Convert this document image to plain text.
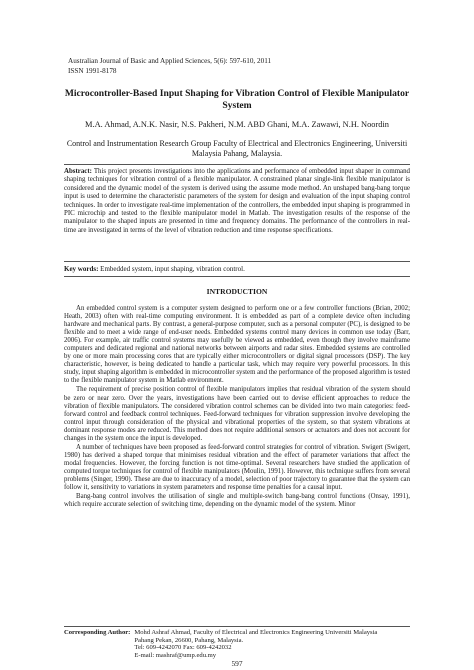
Australian Journal of Basic and Applied Sciences, 5(6): 597-610, 2011
ISSN 1991-8178
Microcontroller-Based Input Shaping for Vibration Control of Flexible Manipulator System
M.A. Ahmad, A.N.K. Nasir, N.S. Pakheri, N.M. ABD Ghani, M.A. Zawawi, N.H. Noordin
Control and Instrumentation Research Group Faculty of Electrical and Electronics Engineering, Universiti Malaysia Pahang, Malaysia.
Abstract: This project presents investigations into the applications and performance of embedded input shaper in command shaping techniques for vibration control of a flexible manipulator. A constrained planar single-link flexible manipulator is considered and the dynamic model of the system is derived using the assume mode method. An unshaped bang-bang torque input is used to determine the characteristic parameters of the system for design and evaluation of the input shaping control techniques. In order to investigate real-time implementation of the controllers, the embedded input shaping is programmed in PIC microchip and tested to the flexible manipulator model in Matlab. The investigation results of the response of the manipulator to the shaped inputs are presented in time and frequency domains. The performance of the controllers in real-time are investigated in terms of the level of vibration reduction and time response specifications.
Key words: Embedded system, input shaping, vibration control.
INTRODUCTION

An embedded control system is a computer system designed to perform one or a few controller functions (Brian, 2002; Heath, 2003) often with real-time computing environment. It is embedded as part of a complete device often including hardware and mechanical parts. By contrast, a general-purpose computer, such as a personal computer (PC), is designed to be flexible and to meet a wide range of end-user needs. Embedded systems control many devices in common use today (Barr, 2006). For example, air traffic control systems may usefully be viewed as embedded, even though they involve mainframe computers and dedicated regional and national networks between airports and radar sites. Embedded systems are controlled by one or more main processing cores that are typically either microcontrollers or digital signal processors (DSP). The key characteristic, however, is being dedicated to handle a particular task, which may require very powerful processors. In this study, input shaping algorithm is embedded in microcontroller system and the performance of the proposed algorithm is tested to the flexible manipulator system in Matlab environment.

The requirement of precise position control of flexible manipulators implies that residual vibration of the system should be zero or near zero. Over the years, investigations have been carried out to devise efficient approaches to reduce the vibration of flexible manipulators. The considered vibration control schemes can be divided into two main categories: feed-forward control and feedback control techniques. Feed-forward techniques for vibration suppression involve developing the control input through consideration of the physical and vibrational properties of the system, so that system vibrations at dominant response modes are reduced. This method does not require additional sensors or actuators and does not account for changes in the system once the input is developed.

A number of techniques have been proposed as feed-forward control strategies for control of vibration. Swigert (Swigert, 1980) has derived a shaped torque that minimises residual vibration and the effect of parameter variations that affect the modal frequencies. However, the forcing function is not time-optimal. Several researchers have studied the application of computed torque techniques for control of flexible manipulators (Moulin, 1991). However, this technique suffers from several problems (Singer, 1990). These are due to inaccuracy of a model, selection of poor trajectory to guarantee that the system can follow it, sensitivity to variations in system parameters and response time penalties for a causal input.

Bang-bang control involves the utilisation of single and multiple-switch bang-bang control functions (Onsay, 1991), which require accurate selection of switching time, depending on the dynamic model of the system. Minor

Corresponding Author: Mohd Ashraf Ahmad, Faculty of Electrical and Electronics Engineering Universiti Malaysia
Pahang Pekan, 26600, Pahang, Malaysia.
Tel: 609-4242070 Fax: 609-4242032
E-mail: mashraf@ump.edu.my
597
